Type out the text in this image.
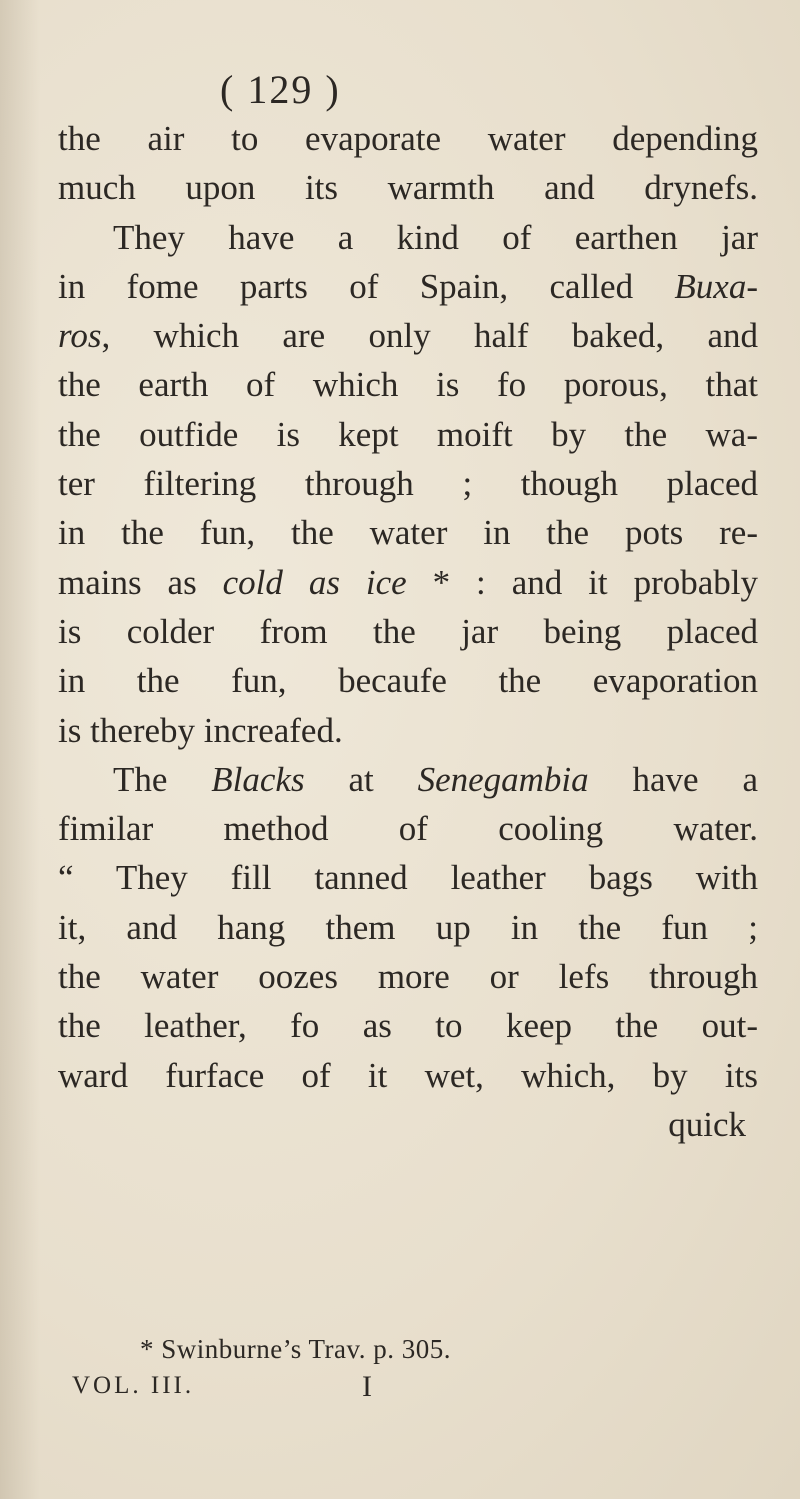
( 129 )
the air to evaporate water depending
much upon its warmth and drynefs.
They have a kind of earthen jar
in fome parts of Spain, called Buxa-
ros, which are only half baked, and
the earth of which is fo porous, that
the outfide is kept moift by the wa-
ter filtering through ; though placed
in the fun, the water in the pots re-
mains as cold as ice * : and it probably
is colder from the jar being placed
in the fun, becaufe the evaporation
is thereby increafed.
The Blacks at Senegambia have a
fimilar method of cooling water.
“ They fill tanned leather bags with
it, and hang them up in the fun ;
the water oozes more or lefs through
the leather, fo as to keep the out-
ward furface of it wet, which, by its
quick
* Swinburne’s Trav. p. 305.
VOL. III.	I
